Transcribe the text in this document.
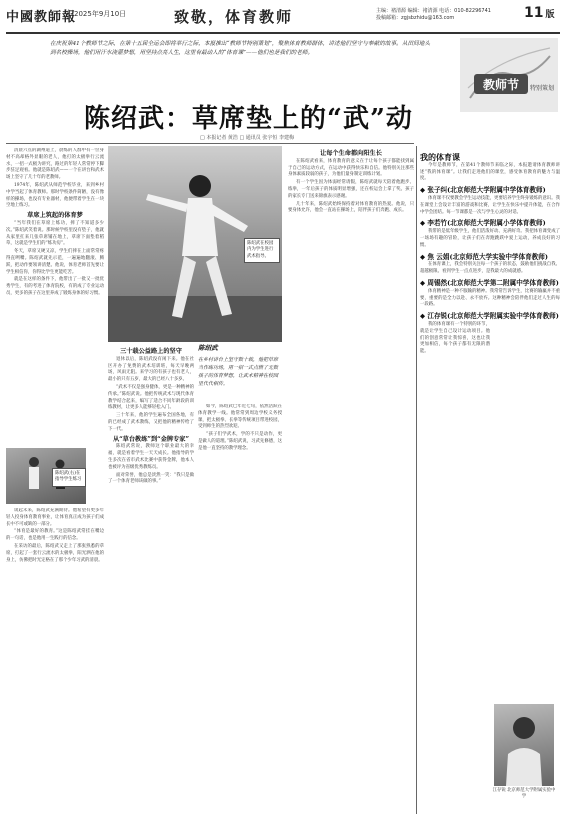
中國教師報
2025年9月10日	致敬，体育教师	主编：褚清源 编辑：褚清源 电话：010-82296741
投稿邮箱：zgjsbzhidu@163.com	11 版
在庆祝第41个教师节之际，在第十五届全运会即将举行之际，本报推出“教师节特别策划”，聚焦体育教师群体，讲述他们坚守与奉献的故事。从田间地头到名校操场，他们用汗水浇灌梦想，用坚持点亮人生，这里有最动人的“体育课”——他们也是我们的老师。
教师节 特别策划
陈绍武：草席垫上的“武”动
□ 本报记者 黄浩 □ 通讯员 张宇恒 李建梅

清晨六点的湖州道上，晨练的人群中有一位身材不高却格外显眼的老人，他打的太极拳行云流水，一招一式极为讲究，路过的年轻人常常停下脚步驻足观看。他就是陈绍武——一个在讲台和武术场上坚守了几十年的老教师。

1974年，陈绍武从师范学校毕业，来到乡村中学当起了体育教师。那时学校条件简陋，没有像样的操场，也没有专业器材，他便带着学生在一块空地上练习。

草席上筑起的体育梦

“当年我们在草席上练功，摔了不知道多少次。”陈绍武笑着说。那时候学校里没有垫子，他就从家里扛来几张草席铺在地上，草席下面垫着稻草，这就是学生们的“练功房”。

冬天，草席又硬又凉，学生们摔在上面常常疼得直咧嘴。陈绍武就先示范，一遍遍地翻滚、腾跃，把动作要领讲清楚。他说，体育老师首先要让学生相信你，你得比学生更能吃苦。

就是在这样的条件下，他带出了一批又一批优秀学生，有的考进了体育院校，有的成了专业运动员，更多的孩子在这里养成了锻炼身体的好习惯。

陈绍武(右)在指导学生练习

谈起未来，陈绍武充满期待。他希望有更多年轻人投身体育教育事业，让体育真正成为孩子们成长中不可或缺的一部分。

“体育是最好的教育。”这是陈绍武常挂在嘴边的一句话，也是他用一生践行的信念。

在采访的最后，陈绍武又走上了那张熟悉的草席，打起了一套行云流水的太极拳，阳光洒在他的身上，仿佛把时光定格在了那个少年习武的清晨。

陈绍武在校园内为学生进行武术指导。
陈绍武
在乡村讲台上坚守数十载，他把草席当作练功场，用一招一式点燃了无数孩子的体育梦想，让武术精神在校园里代代相传。

三十载公益路上的坚守

退休以后，陈绍武没有闲下来。他在社区开办了免费的武术培训班，每天早晚两场，风雨无阻。来学习的有孩子也有老人，最小的只有五岁，最大的已经八十多岁。

“武术不仅是强身健体，更是一种精神的传承。”陈绍武说。他把传统武术与现代体育教学结合起来，编写了适合不同年龄段的训练教材，让更多人能够轻松入门。

三十年来，他的学生遍布全国各地，有的已经成了武术教练，又把他的精神传给了下一代。

从“草台教练”到“金牌专家”

陈绍武常说，教师这个职业最大的幸福，就是看着学生一天天成长。他指导的学生多次在省市武术比赛中获得金牌，他本人也被评为省级优秀教练员。

面对荣誉，他总是淡然一笑：“我只是做了一个体育老师该做的事。”

如今，陈绍武已年近七旬，依然活跃在体育教学一线。他常常到周边学校义务授课，把太极拳、长拳等传统项目带进校园，受到师生的热烈欢迎。

“孩子们学武术，学的不只是动作，更是做人的道理。”陈绍武说，习武先修德，这是他一直坚持的教学理念。

让每个生命都向阳生长

在陈绍武看来，体育教育的意义在于让每个孩子都能找到属于自己的运动方式，在运动中获得快乐和自信。他特别关注那些身体素质较弱的孩子，为他们量身制定训练计划。

有一个学生因为体弱经常请假，陈绍武就每天陪着他跑步、练拳，一年后孩子的体质明显增强，还在校运会上拿了奖。孩子的家长专门送来锦旗表示感谢。

几十年来，陈绍武始终保持着对体育教育的热爱。他说，只要身体允许，他会一直站在操场上，陪伴孩子们奔跑、成长。

我的体育课

今年是教师节，在第41个教师节来临之际，本报邀请体育教师讲述“我的体育课”。让我们走进他们的课堂，感受体育教育的魅力与温度。

◆ 张子纠(北京师范大学附属中学体育教师)

体育课不仅要教会学生运动技能，更要培养学生终身锻炼的意识。我在课堂上会设计丰富的游戏和比赛，让学生在快乐中提升体能，在合作中学会团结。每一节课都是一次与学生心灵的对话。

◆ 李若竹(北京师范大学附属小学体育教师)

我带的是低年级学生，他们活泼好动、充满好奇。我把体育课变成了一场场有趣的冒险，让孩子们在奔跑跳跃中爱上运动，养成良好的习惯。

◆ 焦 云娟(北京师范大学实验中学体育教师)

在体育课上，我会特别关注每一个孩子的状态，鼓励他们挑战自我、超越极限。看到学生一点点进步，是我最大的成就感。

◆ 周锡然(北京师范大学第二附属中学体育教师)

体育精神是一种不服输的精神。我常常告诉学生，比赛的输赢并不重要，重要的是全力以赴、永不放弃。这种精神会陪伴他们走过人生的每一段路。

◆ 江存锐(北京师范大学附属实验中学体育教师)

我的体育课有一个特别的环节，就是让学生自己设计运动项目。他们的创意常常让我惊喜，这也让我更加相信，每个孩子都有无限的潜能。

江存锐 北京师范大学附属实验中学
